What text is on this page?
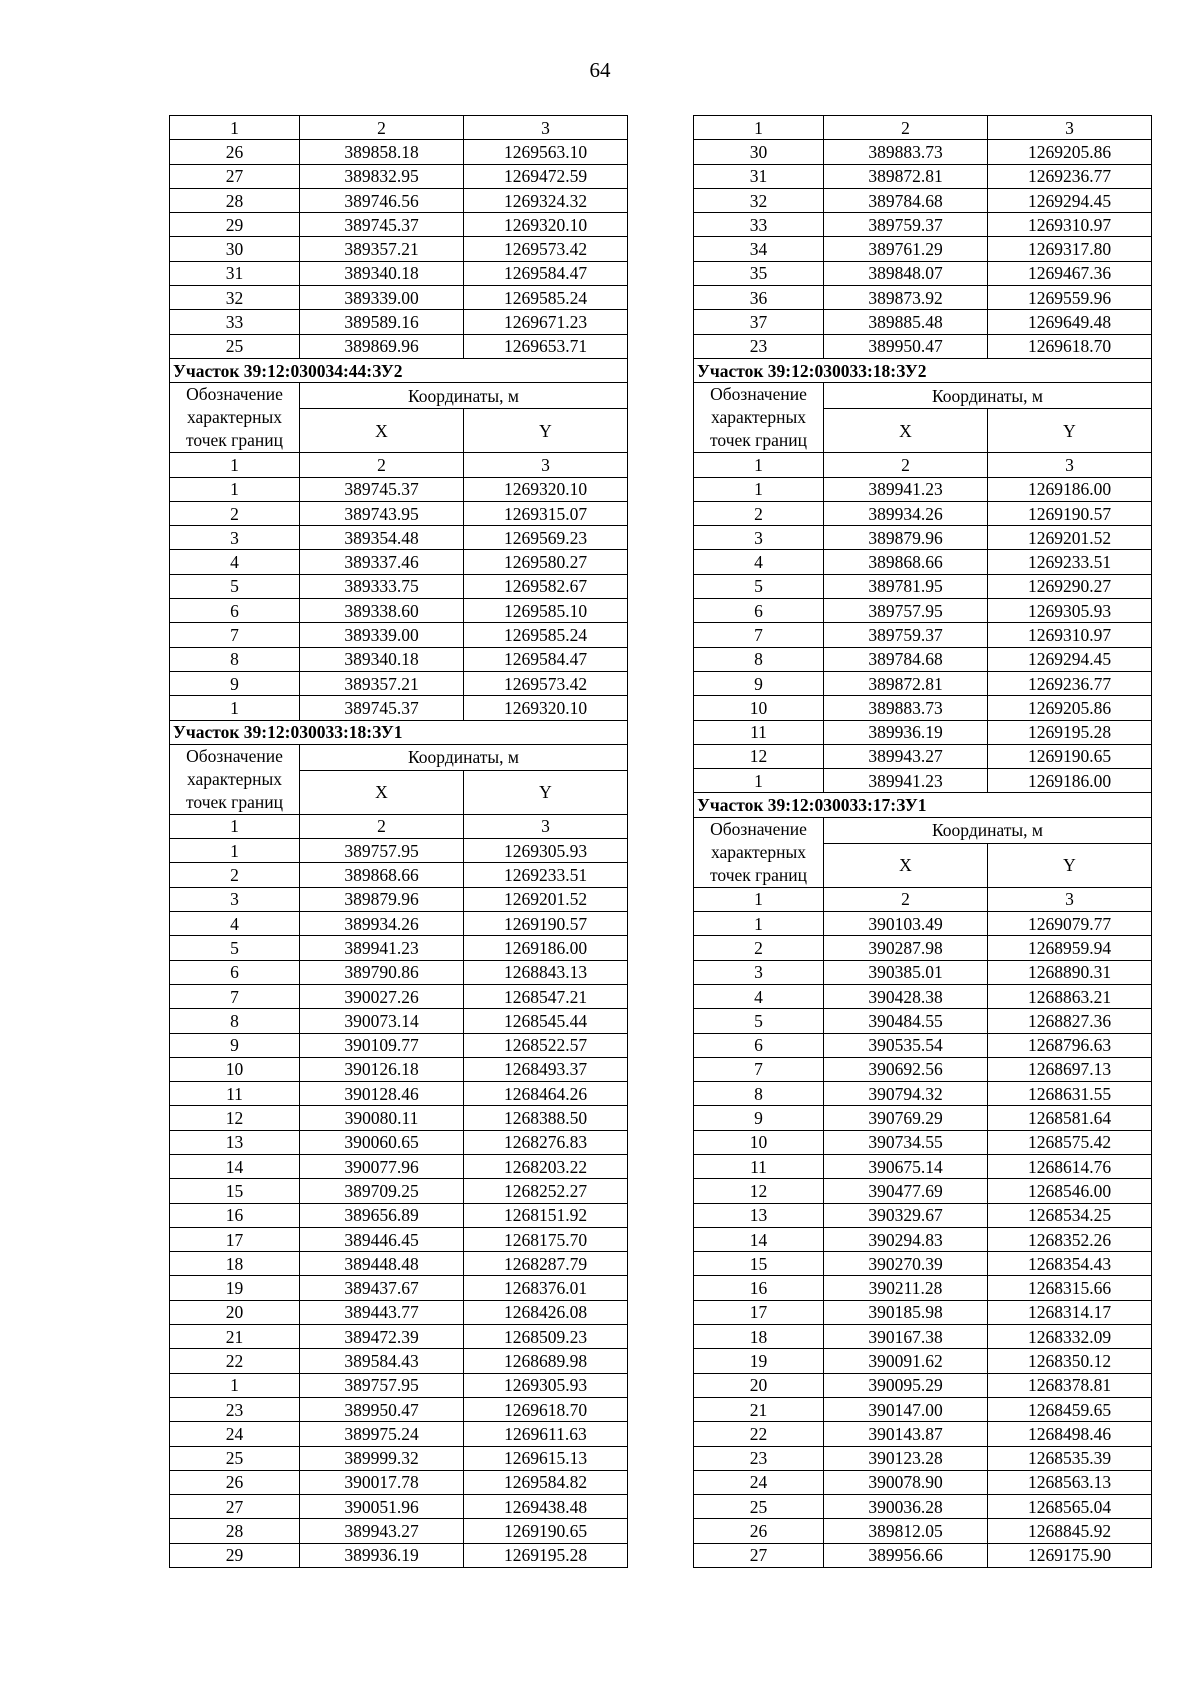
64
1	2	3
26	389858.18	1269563.10
27	389832.95	1269472.59
28	389746.56	1269324.32
29	389745.37	1269320.10
30	389357.21	1269573.42
31	389340.18	1269584.47
32	389339.00	1269585.24
33	389589.16	1269671.23
25	389869.96	1269653.71
Участок 39:12:030034:44:ЗУ2		
Обозначение характерных точек границ	Координаты, м	
	X	Y
1	2	3
1	389745.37	1269320.10
2	389743.95	1269315.07
3	389354.48	1269569.23
4	389337.46	1269580.27
5	389333.75	1269582.67
6	389338.60	1269585.10
7	389339.00	1269585.24
8	389340.18	1269584.47
9	389357.21	1269573.42
1	389745.37	1269320.10
Участок 39:12:030033:18:ЗУ1		
Обозначение характерных точек границ	Координаты, м	
	X	Y
1	2	3
1	389757.95	1269305.93
2	389868.66	1269233.51
3	389879.96	1269201.52
4	389934.26	1269190.57
5	389941.23	1269186.00
6	389790.86	1268843.13
7	390027.26	1268547.21
8	390073.14	1268545.44
9	390109.77	1268522.57
10	390126.18	1268493.37
11	390128.46	1268464.26
12	390080.11	1268388.50
13	390060.65	1268276.83
14	390077.96	1268203.22
15	389709.25	1268252.27
16	389656.89	1268151.92
17	389446.45	1268175.70
18	389448.48	1268287.79
19	389437.67	1268376.01
20	389443.77	1268426.08
21	389472.39	1268509.23
22	389584.43	1268689.98
1	389757.95	1269305.93
23	389950.47	1269618.70
24	389975.24	1269611.63
25	389999.32	1269615.13
26	390017.78	1269584.82
27	390051.96	1269438.48
28	389943.27	1269190.65
29	389936.19	1269195.28
1	2	3
30	389883.73	1269205.86
31	389872.81	1269236.77
32	389784.68	1269294.45
33	389759.37	1269310.97
34	389761.29	1269317.80
35	389848.07	1269467.36
36	389873.92	1269559.96
37	389885.48	1269649.48
23	389950.47	1269618.70
Участок 39:12:030033:18:ЗУ2		
Обозначение характерных точек границ	Координаты, м	
	X	Y
1	2	3
1	389941.23	1269186.00
2	389934.26	1269190.57
3	389879.96	1269201.52
4	389868.66	1269233.51
5	389781.95	1269290.27
6	389757.95	1269305.93
7	389759.37	1269310.97
8	389784.68	1269294.45
9	389872.81	1269236.77
10	389883.73	1269205.86
11	389936.19	1269195.28
12	389943.27	1269190.65
1	389941.23	1269186.00
Участок 39:12:030033:17:ЗУ1		
Обозначение характерных точек границ	Координаты, м	
	X	Y
1	2	3
1	390103.49	1269079.77
2	390287.98	1268959.94
3	390385.01	1268890.31
4	390428.38	1268863.21
5	390484.55	1268827.36
6	390535.54	1268796.63
7	390692.56	1268697.13
8	390794.32	1268631.55
9	390769.29	1268581.64
10	390734.55	1268575.42
11	390675.14	1268614.76
12	390477.69	1268546.00
13	390329.67	1268534.25
14	390294.83	1268352.26
15	390270.39	1268354.43
16	390211.28	1268315.66
17	390185.98	1268314.17
18	390167.38	1268332.09
19	390091.62	1268350.12
20	390095.29	1268378.81
21	390147.00	1268459.65
22	390143.87	1268498.46
23	390123.28	1268535.39
24	390078.90	1268563.13
25	390036.28	1268565.04
26	389812.05	1268845.92
27	389956.66	1269175.90
